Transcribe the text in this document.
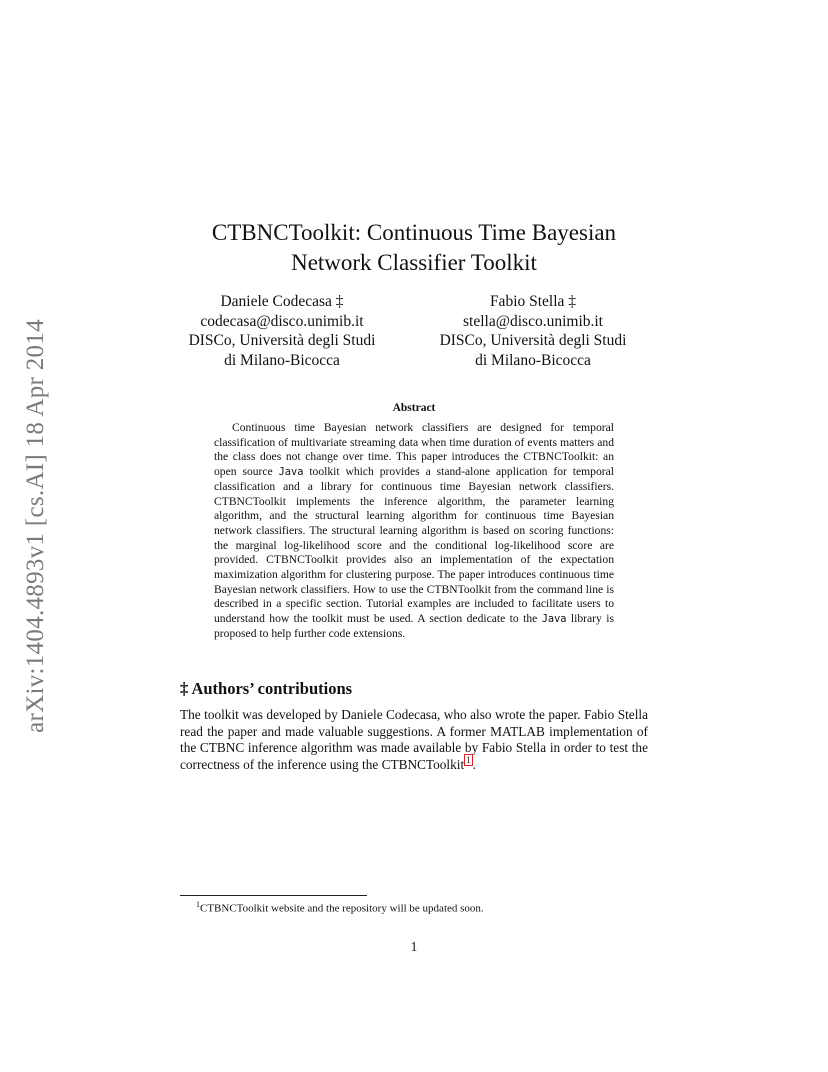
arXiv:1404.4893v1 [cs.AI] 18 Apr 2014
CTBNCToolkit: Continuous Time Bayesian
Network Classifier Toolkit
Daniele Codecasa ‡
codecasa@disco.unimib.it
DISCo, Università degli Studi
di Milano-Bicocca
Fabio Stella ‡
stella@disco.unimib.it
DISCo, Università degli Studi
di Milano-Bicocca
Abstract
Continuous time Bayesian network classifiers are designed for temporal classification of multivariate streaming data when time duration of events matters and the class does not change over time. This paper introduces the CTBNCToolkit: an open source Java toolkit which provides a stand-alone application for temporal classification and a library for continuous time Bayesian network classifiers. CTBNCToolkit implements the inference algorithm, the parameter learning algorithm, and the structural learning algorithm for continuous time Bayesian network classifiers. The structural learning algorithm is based on scoring functions: the marginal log-likelihood score and the conditional log-likelihood score are provided. CTBNCToolkit provides also an implementation of the expectation maximization algorithm for clustering purpose. The paper introduces continuous time Bayesian network classifiers. How to use the CTBNToolkit from the command line is described in a specific section. Tutorial examples are included to facilitate users to understand how the toolkit must be used. A section dedicate to the Java library is proposed to help further code extensions.
‡ Authors’ contributions
The toolkit was developed by Daniele Codecasa, who also wrote the paper. Fabio Stella read the paper and made valuable suggestions. A former MATLAB implementation of the CTBNC inference algorithm was made available by Fabio Stella in order to test the correctness of the inference using the CTBNCToolkit $^1$ .
$^1$CTBNCToolkit website and the repository will be updated soon.
1
